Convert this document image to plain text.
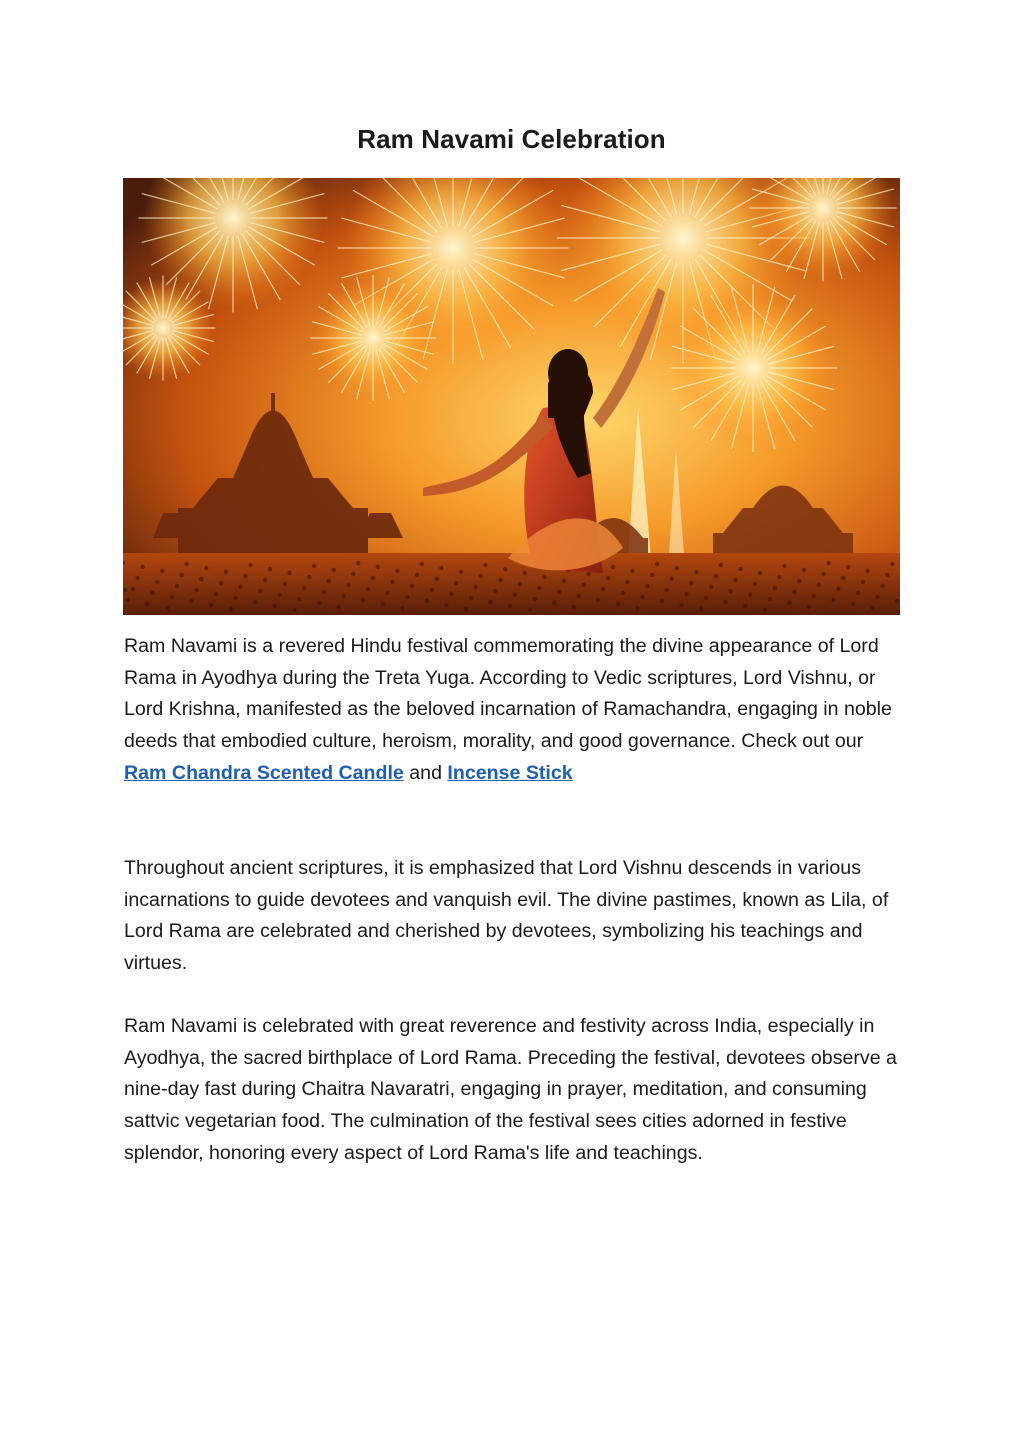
Ram Navami Celebration

Ram Navami is a revered Hindu festival commemorating the divine appearance of Lord Rama in Ayodhya during the Treta Yuga. According to Vedic scriptures, Lord Vishnu, or Lord Krishna, manifested as the beloved incarnation of Ramachandra, engaging in noble deeds that embodied culture, heroism, morality, and good governance. Check out our Ram Chandra Scented Candle and Incense Stick

Throughout ancient scriptures, it is emphasized that Lord Vishnu descends in various incarnations to guide devotees and vanquish evil. The divine pastimes, known as Lila, of Lord Rama are celebrated and cherished by devotees, symbolizing his teachings and virtues.

Ram Navami is celebrated with great reverence and festivity across India, especially in Ayodhya, the sacred birthplace of Lord Rama. Preceding the festival, devotees observe a nine-day fast during Chaitra Navaratri, engaging in prayer, meditation, and consuming sattvic vegetarian food. The culmination of the festival sees cities adorned in festive splendor, honoring every aspect of Lord Rama's life and teachings.
